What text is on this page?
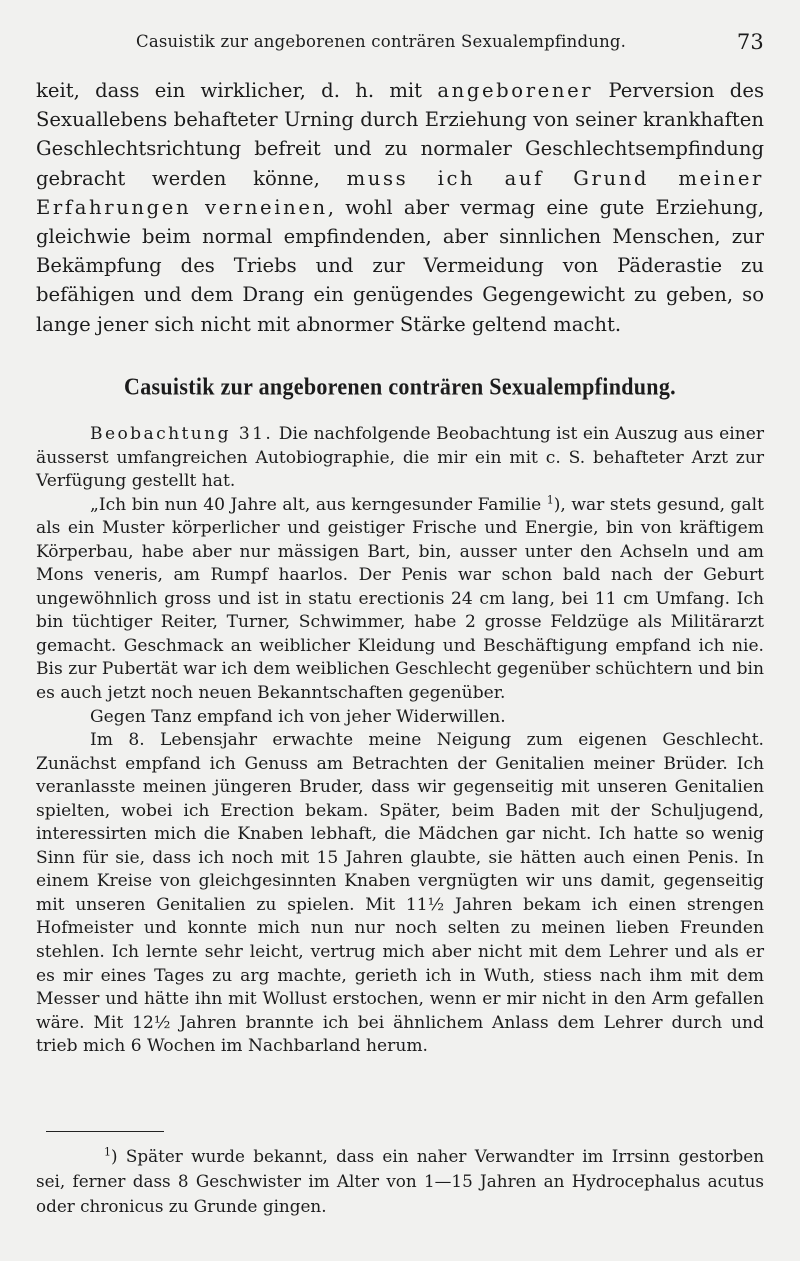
Casuistik zur angeborenen conträren Sexualempfindung.	73

keit, dass ein wirklicher, d. h. mit angeborener Perversion des Sexuallebens behafteter Urning durch Erziehung von seiner krankhaften Geschlechtsrichtung befreit und zu normaler Geschlechtsempfindung gebracht werden könne, muss ich auf Grund meiner Erfahrungen verneinen, wohl aber vermag eine gute Erziehung, gleichwie beim normal empfindenden, aber sinnlichen Menschen, zur Bekämpfung des Triebs und zur Vermeidung von Päderastie zu befähigen und dem Drang ein genügendes Gegengewicht zu geben, so lange jener sich nicht mit abnormer Stärke geltend macht.

Casuistik zur angeborenen conträren Sexualempfindung.

Beobachtung 31. Die nachfolgende Beobachtung ist ein Auszug aus einer äusserst umfangreichen Autobiographie, die mir ein mit c. S. behafteter Arzt zur Verfügung gestellt hat.

„Ich bin nun 40 Jahre alt, aus kerngesunder Familie $^1$), war stets gesund, galt als ein Muster körperlicher und geistiger Frische und Energie, bin von kräftigem Körperbau, habe aber nur mässigen Bart, bin, ausser unter den Achseln und am Mons veneris, am Rumpf haarlos. Der Penis war schon bald nach der Geburt ungewöhnlich gross und ist in statu erectionis 24 cm lang, bei 11 cm Umfang. Ich bin tüchtiger Reiter, Turner, Schwimmer, habe 2 grosse Feldzüge als Militärarzt gemacht. Geschmack an weiblicher Kleidung und Beschäftigung empfand ich nie. Bis zur Pubertät war ich dem weiblichen Geschlecht gegenüber schüchtern und bin es auch jetzt noch neuen Bekanntschaften gegenüber.

Gegen Tanz empfand ich von jeher Widerwillen.

Im 8. Lebensjahr erwachte meine Neigung zum eigenen Geschlecht. Zunächst empfand ich Genuss am Betrachten der Genitalien meiner Brüder. Ich veranlasste meinen jüngeren Bruder, dass wir gegenseitig mit unseren Genitalien spielten, wobei ich Erection bekam. Später, beim Baden mit der Schuljugend, interessirten mich die Knaben lebhaft, die Mädchen gar nicht. Ich hatte so wenig Sinn für sie, dass ich noch mit 15 Jahren glaubte, sie hätten auch einen Penis. In einem Kreise von gleichgesinnten Knaben vergnügten wir uns damit, gegenseitig mit unseren Genitalien zu spielen. Mit 11½ Jahren bekam ich einen strengen Hofmeister und konnte mich nun nur noch selten zu meinen lieben Freunden stehlen. Ich lernte sehr leicht, vertrug mich aber nicht mit dem Lehrer und als er es mir eines Tages zu arg machte, gerieth ich in Wuth, stiess nach ihm mit dem Messer und hätte ihn mit Wollust erstochen, wenn er mir nicht in den Arm gefallen wäre. Mit 12½ Jahren brannte ich bei ähnlichem Anlass dem Lehrer durch und trieb mich 6 Wochen im Nachbarland herum.

$^1$) Später wurde bekannt, dass ein naher Verwandter im Irrsinn gestorben sei, ferner dass 8 Geschwister im Alter von 1—15 Jahren an Hydrocephalus acutus oder chronicus zu Grunde gingen.
